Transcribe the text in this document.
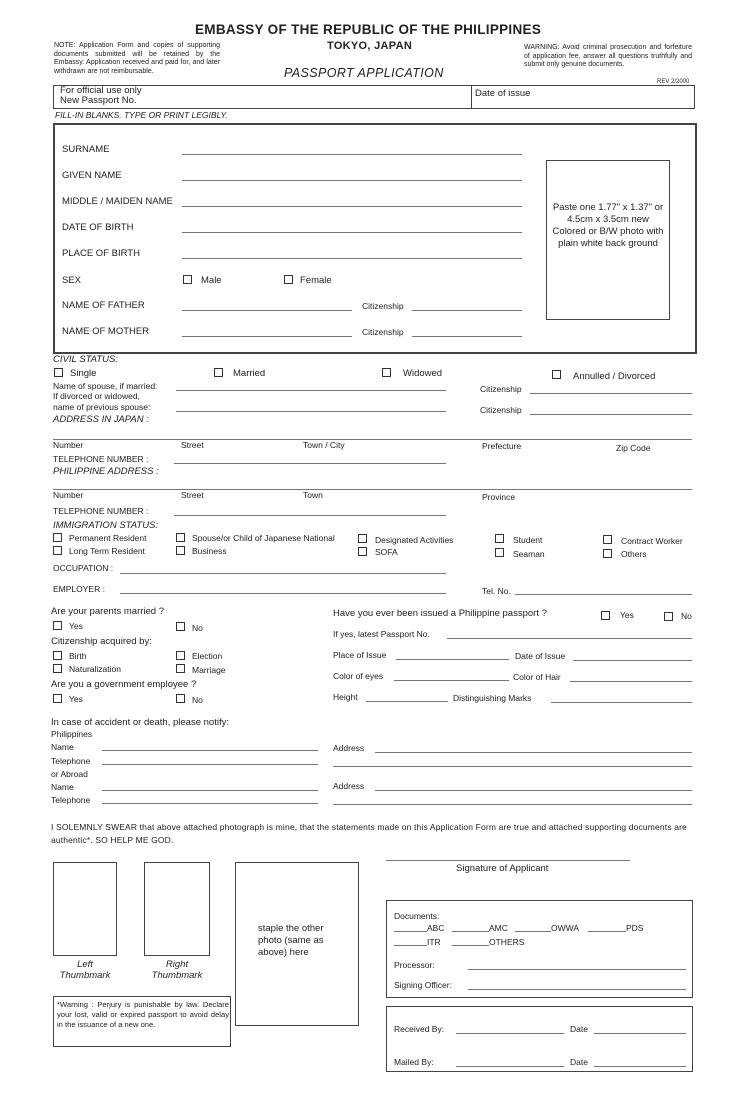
EMBASSY OF THE REPUBLIC OF THE PHILIPPINES
TOKYO, JAPAN
PASSPORT APPLICATION
NOTE: Application Form and copies of supporting documents submitted will be retained by the Embassy. Application received and paid for, and later withdrawn are not reimbursable.
WARNING: Avoid criminal prosecution and forfeiture of application fee, answer all questions truthfully and submit only genuine documents.
REV 2/2000
For official use only
New Passport No.
Date of issue
FILL-IN BLANKS. TYPE OR PRINT LEGIBLY.
SURNAME
GIVEN NAME
MIDDLE / MAIDEN NAME
DATE OF BIRTH
PLACE OF BIRTH
SEX	Male	Female
NAME OF FATHER	Citizenship
NAME OF MOTHER	Citizenship
Paste one 1.77" x 1.37" or 4.5cm x 3.5cm new Colored or B/W photo with plain white back ground
CIVIL STATUS:
Single	Married	Widowed	Annulled / Divorced
Name of spouse, if married:
If divorced or widowed,
name of previous spouse:
Citizenship
Citizenship
ADDRESS IN JAPAN :
Number	Street	Town / City	Prefecture	Zip Code
TELEPHONE NUMBER :
PHILIPPINE ADDRESS :
Number	Street	Town	Province
TELEPHONE NUMBER :
IMMIGRATION STATUS:
Permanent Resident	Spouse/or Child of Japanese National	Designated Activities	Student	Contract Worker
Long Term Resident	Business	SOFA	Seaman	Others
OCCUPATION :
EMPLOYER :	Tel. No.
Are your parents married ?
Yes	No
Citizenship acquired by:
Birth	Election
Naturalization	Marriage
Are you a government employee ?
Yes	No
Have you ever been issued a Philippine passport ?	Yes	No
If yes, latest Passport No.
Place of Issue	Date of Issue
Color of eyes	Color of Hair
Height	Distinguishing Marks
In case of accident or death, please notify:
Philippines
Name
Telephone
Address
or Abroad
Name
Telephone
Address
I SOLEMNLY SWEAR that above attached photograph is mine, that the statements made on this Application Form are true and attached supporting documents are authentic*. SO HELP ME GOD.
Signature of Applicant
Left
Thumbmark
Right
Thumbmark
staple the other photo (same as above) here
*Warning : Perjury is punishable by law. Declare your lost, valid or expired passport to avoid delay in the issuance of a new one.
Documents:
ABC	AMC	OWWA	PDS
ITR	OTHERS
Processor:
Signing Officer:
Received By:	Date
Mailed By:	Date
